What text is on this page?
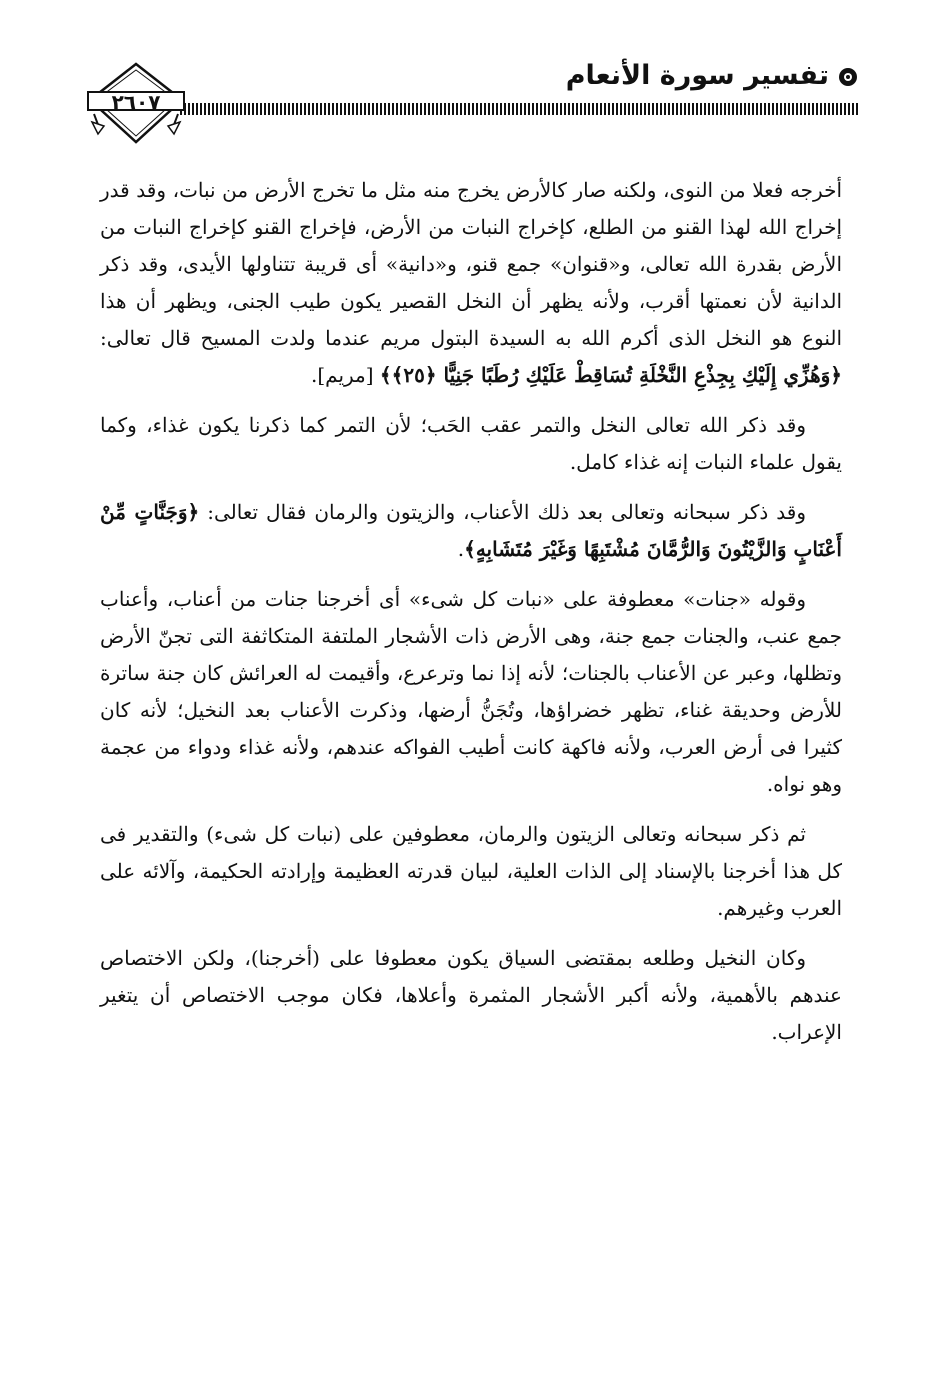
تفسير سورة الأنعام
٢٦٠٧

أخرجه فعلا من النوى، ولكنه صار كالأرض يخرج منه مثل ما تخرج الأرض من نبات، وقد قدر إخراج الله لهذا القنو من الطلع، كإخراج النبات من الأرض، فإخراج القنو كإخراج النبات من الأرض بقدرة الله تعالى، و«قنوان» جمع قنو، و«دانية» أى قريبة تتناولها الأيدى، وقد ذكر الدانية لأن نعمتها أقرب، ولأنه يظهر أن النخل القصير يكون طيب الجنى، ويظهر أن هذا النوع هو النخل الذى أكرم الله به السيدة البتول مريم عندما ولدت المسيح قال تعالى: ﴿وَهُزِّي إِلَيْكِ بِجِذْعِ النَّخْلَةِ تُسَاقِطْ عَلَيْكِ رُطَبًا جَنِيًّا ﴿٢٥﴾﴾ [مريم].

وقد ذكر الله تعالى النخل والتمر عقب الحَب؛ لأن التمر كما ذكرنا يكون غذاء، وكما يقول علماء النبات إنه غذاء كامل.

وقد ذكر سبحانه وتعالى بعد ذلك الأعناب، والزيتون والرمان فقال تعالى: ﴿وَجَنَّاتٍ مِّنْ أَعْنَابٍ وَالزَّيْتُونَ وَالرُّمَّانَ مُشْتَبِهًا وَغَيْرَ مُتَشَابِهٍ﴾.

وقوله «جنات» معطوفة على «نبات كل شىء» أى أخرجنا جنات من أعناب، وأعناب جمع عنب، والجنات جمع جنة، وهى الأرض ذات الأشجار الملتفة المتكاثفة التى تجنّ الأرض وتظلها، وعبر عن الأعناب بالجنات؛ لأنه إذا نما وترعرع، وأقيمت له العرائش كان جنة ساترة للأرض وحديقة غناء، تظهر خضراؤها، وتُجَنُّ أرضها، وذكرت الأعناب بعد النخيل؛ لأنه كان كثيرا فى أرض العرب، ولأنه فاكهة كانت أطيب الفواكه عندهم، ولأنه غذاء ودواء من عجمة وهو نواه.

ثم ذكر سبحانه وتعالى الزيتون والرمان، معطوفين على (نبات كل شىء) والتقدير فى كل هذا أخرجنا بالإسناد إلى الذات العلية، لبيان قدرته العظيمة وإرادته الحكيمة، وآلائه على العرب وغيرهم.

وكان النخيل وطلعه بمقتضى السياق يكون معطوفا على (أخرجنا)، ولكن الاختصاص عندهم بالأهمية، ولأنه أكبر الأشجار المثمرة وأعلاها، فكان موجب الاختصاص أن يتغير الإعراب.
